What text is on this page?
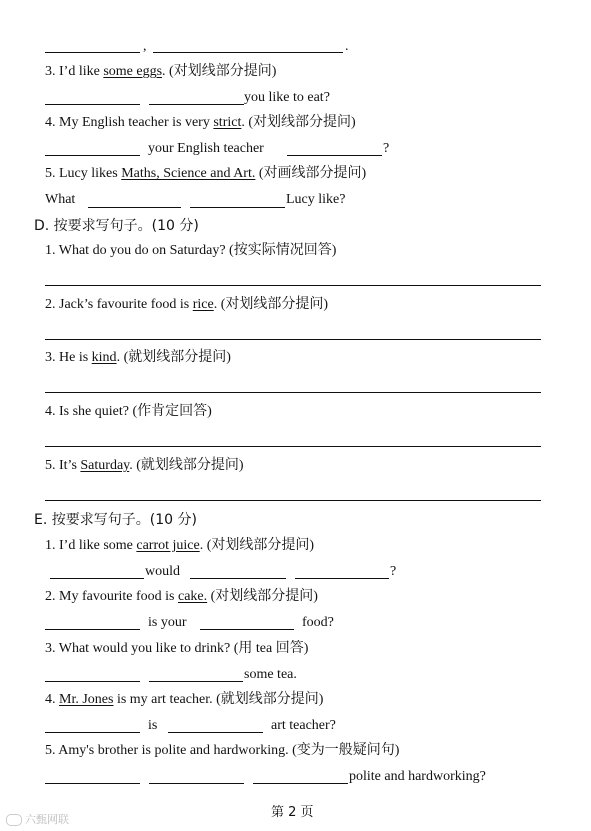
,	.
3. I’d like some eggs. (对划线部分提问)
you like to eat?
4. My English teacher is very strict. (对划线部分提问)
your English teacher	?
5. Lucy likes Maths, Science and Art. (对画线部分提问)
What	Lucy like?
D. 按要求写句子。(10 分)
1. What do you do on Saturday? (按实际情况回答)
2. Jack’s favourite food is rice. (对划线部分提问)
3. He is kind. (就划线部分提问)
4. Is she quiet? (作肯定回答)
5. It’s Saturday. (就划线部分提问)
E. 按要求写句子。(10 分)
1. I’d like some carrot juice. (对划线部分提问)
would	?
2. My favourite food is cake. (对划线部分提问)
is your	food?
3. What would you like to drink? (用 tea 回答)
some tea.
4. Mr. Jones is my art teacher. (就划线部分提问)
is	art teacher?
5. Amy's brother is polite and hardworking. (变为一般疑问句)
polite and hardworking?
第 2 页
六甄网联
